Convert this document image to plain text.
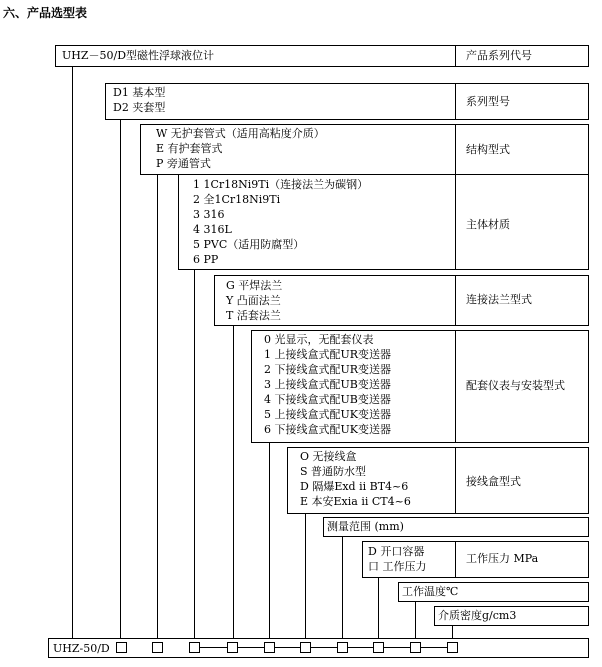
六、产品选型表
UHZ－50/D型磁性浮球液位计	产品系列代号
D1 基本型
D2 夹套型	系列型号
W 无护套管式（适用高粘度介质）
E 有护套管式
P 旁通管式
结构型式
1 1Cr18Ni9Ti（连接法兰为碳钢）
2 全1Cr18Ni9Ti
3 316
4 316L
5 PVC（适用防腐型）
6 PP
主体材质
G 平焊法兰
Y 凸面法兰
T 活套法兰
连接法兰型式
0 光显示，无配套仪表
1 上接线盒式配UR变送器
2 下接线盒式配UR变送器
3 上接线盒式配UB变送器
4 下接线盒式配UB变送器
5 上接线盒式配UK变送器
6 下接线盒式配UK变送器
配套仪表与安装型式
O 无接线盒
S 普通防水型
D 隔爆Exd ii BT4~6
E 本安Exia ii CT4~6
接线盒型式
测量范围 (mm)
D 开口容器
口 工作压力
工作压力 MPa
工作温度℃
介质密度g/cm3
UHZ-50/D
